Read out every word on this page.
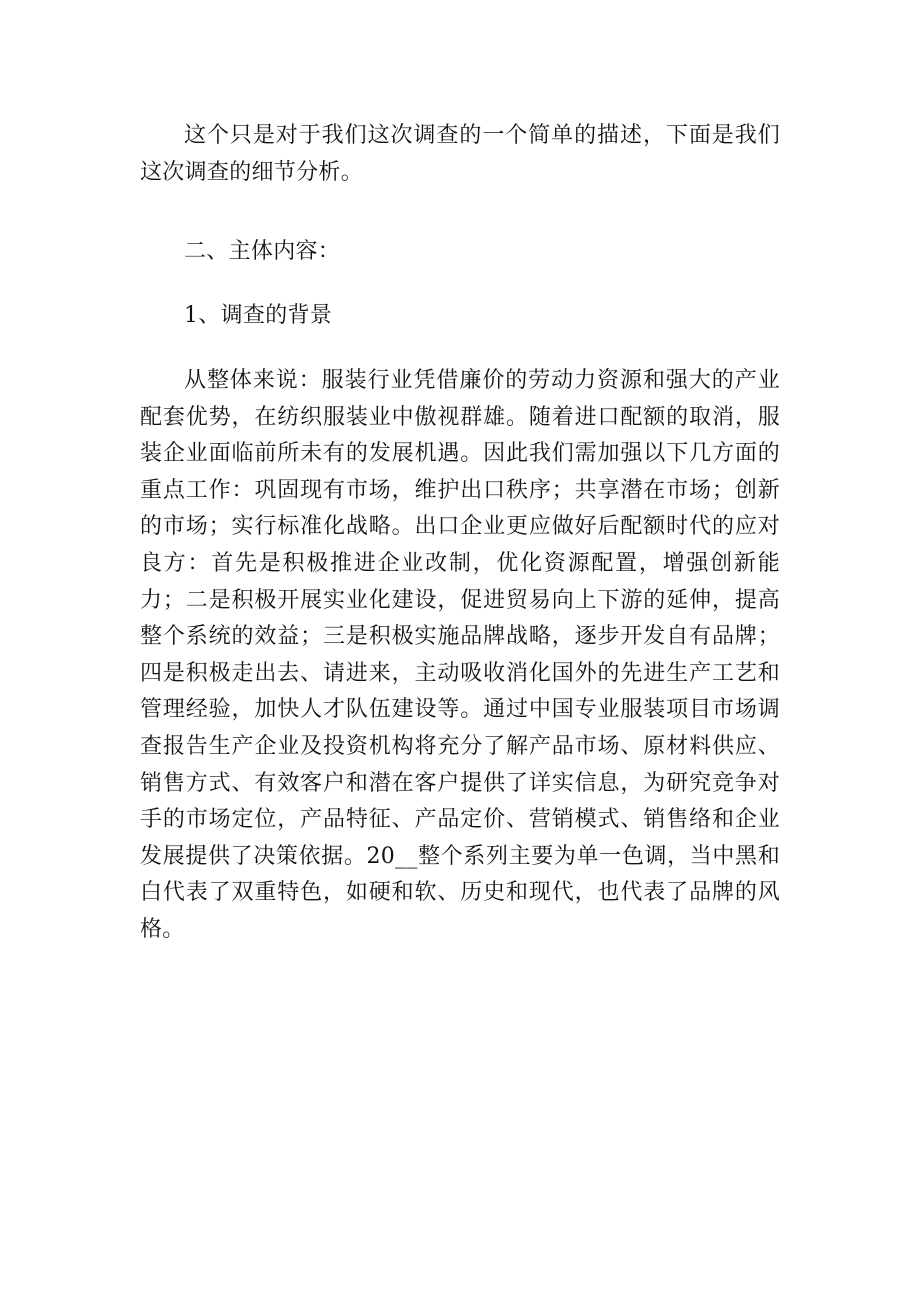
这个只是对于我们这次调查的一个简单的描述，下面是我们这次调查的细节分析。

二、主体内容：

1、调查的背景

从整体来说：服装行业凭借廉价的劳动力资源和强大的产业配套优势，在纺织服装业中傲视群雄。随着进口配额的取消，服装企业面临前所未有的发展机遇。因此我们需加强以下几方面的重点工作：巩固现有市场，维护出口秩序；共享潜在市场；创新的市场；实行标准化战略。出口企业更应做好后配额时代的应对良方：首先是积极推进企业改制，优化资源配置，增强创新能力；二是积极开展实业化建设，促进贸易向上下游的延伸，提高整个系统的效益；三是积极实施品牌战略，逐步开发自有品牌；四是积极走出去、请进来，主动吸收消化国外的先进生产工艺和管理经验，加快人才队伍建设等。通过中国专业服装项目市场调查报告生产企业及投资机构将充分了解产品市场、原材料供应、销售方式、有效客户和潜在客户提供了详实信息，为研究竞争对手的市场定位，产品特征、产品定价、营销模式、销售络和企业发展提供了决策依据。20__整个系列主要为单一色调，当中黑和白代表了双重特色，如硬和软、历史和现代，也代表了品牌的风格。
